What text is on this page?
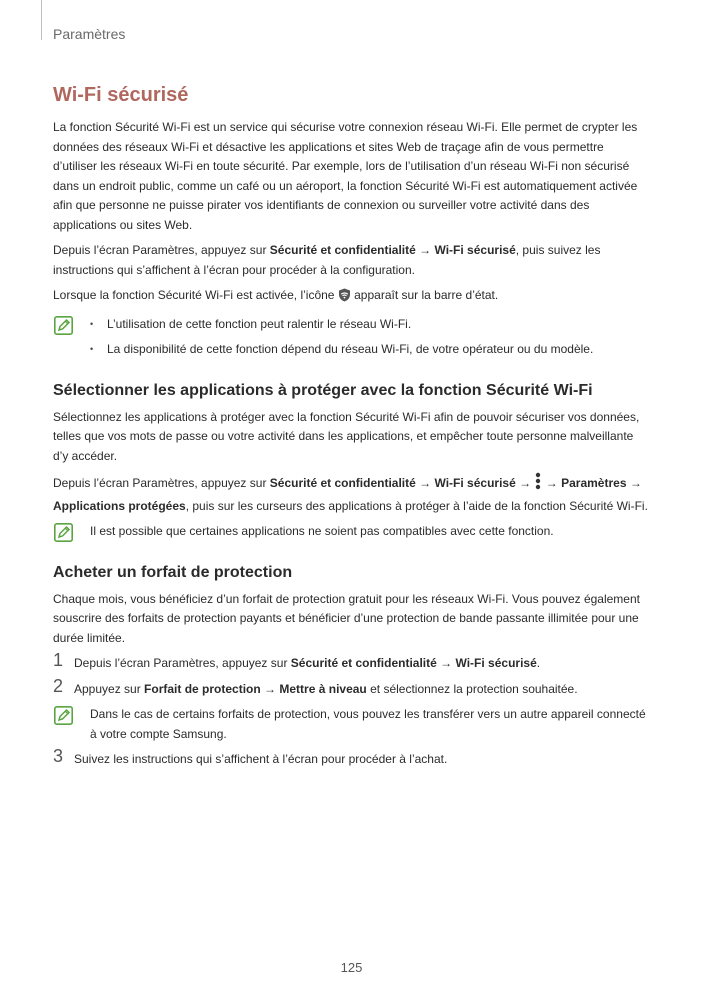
Paramètres
Wi-Fi sécurisé

La fonction Sécurité Wi-Fi est un service qui sécurise votre connexion réseau Wi-Fi. Elle permet de crypter les données des réseaux Wi-Fi et désactive les applications et sites Web de traçage afin de vous permettre d’utiliser les réseaux Wi-Fi en toute sécurité. Par exemple, lors de l’utilisation d’un réseau Wi-Fi non sécurisé dans un endroit public, comme un café ou un aéroport, la fonction Sécurité Wi-Fi est automatiquement activée afin que personne ne puisse pirater vos identifiants de connexion ou surveiller votre activité dans des applications ou sites Web.

Depuis l’écran Paramètres, appuyez sur Sécurité et confidentialité → Wi-Fi sécurisé, puis suivez les instructions qui s’affichent à l’écran pour procéder à la configuration.

Lorsque la fonction Sécurité Wi-Fi est activée, l’icône  apparaît sur la barre d’état.

• L’utilisation de cette fonction peut ralentir le réseau Wi-Fi.
• La disponibilité de cette fonction dépend du réseau Wi-Fi, de votre opérateur ou du modèle.
Sélectionner les applications à protéger avec la fonction Sécurité Wi-Fi

Sélectionnez les applications à protéger avec la fonction Sécurité Wi-Fi afin de pouvoir sécuriser vos données, telles que vos mots de passe ou votre activité dans les applications, et empêcher toute personne malveillante d’y accéder.

Depuis l’écran Paramètres, appuyez sur Sécurité et confidentialité → Wi-Fi sécurisé →  → Paramètres → Applications protégées, puis sur les curseurs des applications à protéger à l’aide de la fonction Sécurité Wi-Fi.

Il est possible que certaines applications ne soient pas compatibles avec cette fonction.

Acheter un forfait de protection

Chaque mois, vous bénéficiez d’un forfait de protection gratuit pour les réseaux Wi-Fi. Vous pouvez également souscrire des forfaits de protection payants et bénéficier d’une protection de bande passante illimitée pour une durée limitée.

1 Depuis l’écran Paramètres, appuyez sur Sécurité et confidentialité → Wi-Fi sécurisé.
2 Appuyez sur Forfait de protection → Mettre à niveau et sélectionnez la protection souhaitée.

Dans le cas de certains forfaits de protection, vous pouvez les transférer vers un autre appareil connecté à votre compte Samsung.

3 Suivez les instructions qui s’affichent à l’écran pour procéder à l’achat.
125
